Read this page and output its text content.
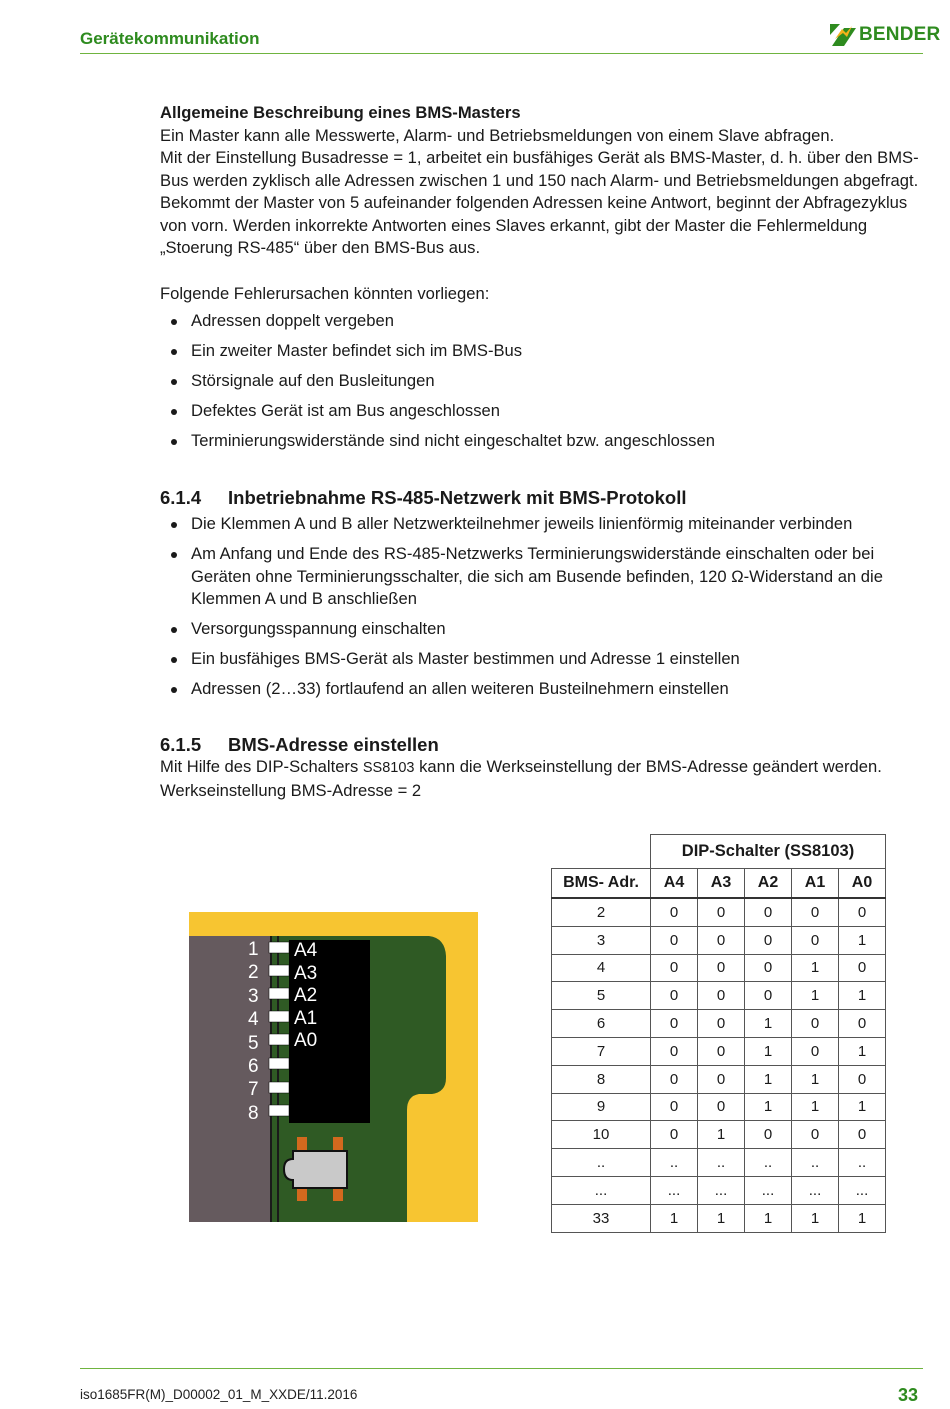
Gerätekommunikation	BENDER

Allgemeine Beschreibung eines BMS-Masters

Ein Master kann alle Messwerte, Alarm- und Betriebsmeldungen von einem Slave abfragen.

Mit der Einstellung Busadresse = 1, arbeitet ein busfähiges Gerät als BMS-Master, d. h. über den BMS-Bus werden zyklisch alle Adressen zwischen 1 und 150 nach Alarm- und Betriebsmeldungen abgefragt. Bekommt der Master von 5 aufeinander folgenden Adressen keine Antwort, beginnt der Abfragezyklus von vorn. Werden inkorrekte Antworten eines Slaves erkannt, gibt der Master die Fehlermeldung „Stoerung RS-485“ über den BMS-Bus aus.

Folgende Fehlerursachen könnten vorliegen:

Adressen doppelt vergeben
Ein zweiter Master befindet sich im BMS-Bus
Störsignale auf den Busleitungen
Defektes Gerät ist am Bus angeschlossen
Terminierungswiderstände sind nicht eingeschaltet bzw. angeschlossen
6.1.4	Inbetriebnahme RS-485-Netzwerk mit BMS-Protokoll
Die Klemmen A und B aller Netzwerkteilnehmer jeweils linienförmig miteinander verbinden
Am Anfang und Ende des RS-485-Netzwerks Terminierungswiderstände einschalten oder bei Geräten ohne Terminierungsschalter, die sich am Busende befinden, 120 Ω-Widerstand an die Klemmen A und B anschließen
Versorgungsspannung einschalten
Ein busfähiges BMS-Gerät als Master bestimmen und Adresse 1 einstellen
Adressen (2…33) fortlaufend an allen weiteren Busteilnehmern einstellen
6.1.5	BMS-Adresse einstellen

Mit Hilfe des DIP-Schalters SS8103 kann die Werkseinstellung der BMS-Adresse geändert werden. Werkseinstellung BMS-Adresse = 2

1
2
3
4
5
6
7
8
A4
A3
A2
A1
A0
	DIP-Schalter (SS8103)				
BMS- Adr.	A4	A3	A2	A1	A0
2	0	0	0	0	0
3	0	0	0	0	1
4	0	0	0	1	0
5	0	0	0	1	1
6	0	0	1	0	0
7	0	0	1	0	1
8	0	0	1	1	0
9	0	0	1	1	1
10	0	1	0	0	0
..	..	..	..	..	..
...	...	...	...	...	...
33	1	1	1	1	1
iso1685FR(M)_D00002_01_M_XXDE/11.2016	33
